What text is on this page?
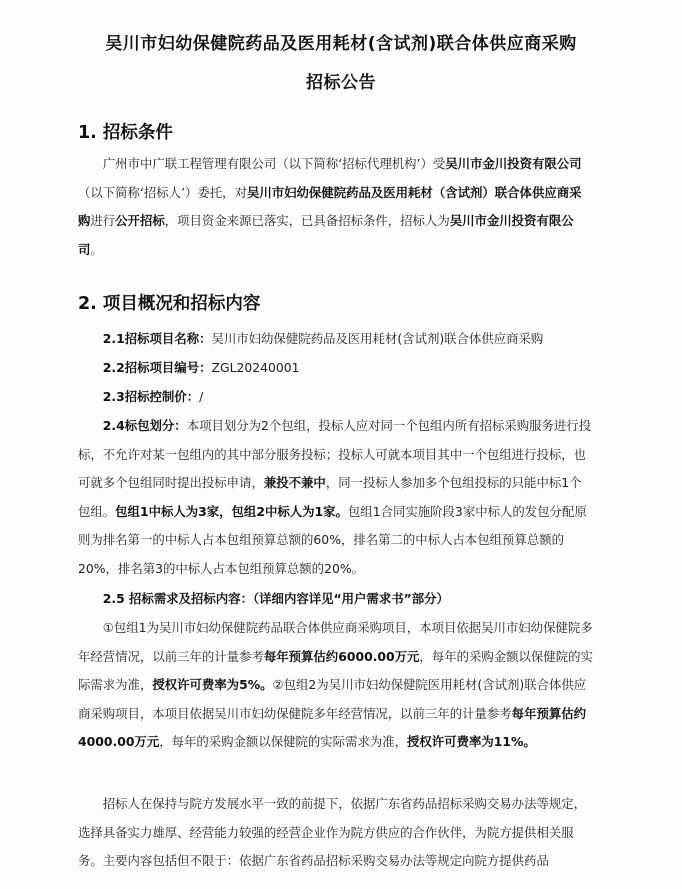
吴川市妇幼保健院药品及医用耗材(含试剂)联合体供应商采购
招标公告
1. 招标条件

广州市中广联工程管理有限公司（以下简称‘招标代理机构’）受吴川市金川投资有限公司（以下简称‘招标人’）委托，对吴川市妇幼保健院药品及医用耗材（含试剂）联合体供应商采购进行公开招标，项目资金来源已落实，已具备招标条件，招标人为吴川市金川投资有限公司。

2. 项目概况和招标内容

2.1招标项目名称：吴川市妇幼保健院药品及医用耗材(含试剂)联合体供应商采购

2.2招标项目编号：ZGL20240001

2.3招标控制价：/

2.4标包划分：本项目划分为2个包组，投标人应对同一个包组内所有招标采购服务进行投标，不允许对某一包组内的其中部分服务投标；投标人可就本项目其中一个包组进行投标，也可就多个包组同时提出投标申请，兼投不兼中，同一投标人参加多个包组投标的只能中标1个包组。包组1中标人为3家，包组2中标人为1家。包组1合同实施阶段3家中标人的发包分配原则为排名第一的中标人占本包组预算总额的60%，排名第二的中标人占本包组预算总额的20%，排名第3的中标人占本包组预算总额的20%。

2.5 招标需求及招标内容：（详细内容详见“用户需求书”部分）

①包组1为吴川市妇幼保健院药品联合体供应商采购项目，本项目依据吴川市妇幼保健院多年经营情况，以前三年的计量参考每年预算估约6000.00万元，每年的采购金额以保健院的实际需求为准，授权许可费率为5%。②包组2为吴川市妇幼保健院医用耗材(含试剂)联合体供应商采购项目，本项目依据吴川市妇幼保健院多年经营情况，以前三年的计量参考每年预算估约4000.00万元，每年的采购金额以保健院的实际需求为准，授权许可费率为11%。

招标人在保持与院方发展水平一致的前提下，依据广东省药品招标采购交易办法等规定，选择具备实力雄厚、经营能力较强的经营企业作为院方供应的合作伙伴，为院方提供相关服务。主要内容包括但不限于：依据广东省药品招标采购交易办法等规定向院方提供药品
